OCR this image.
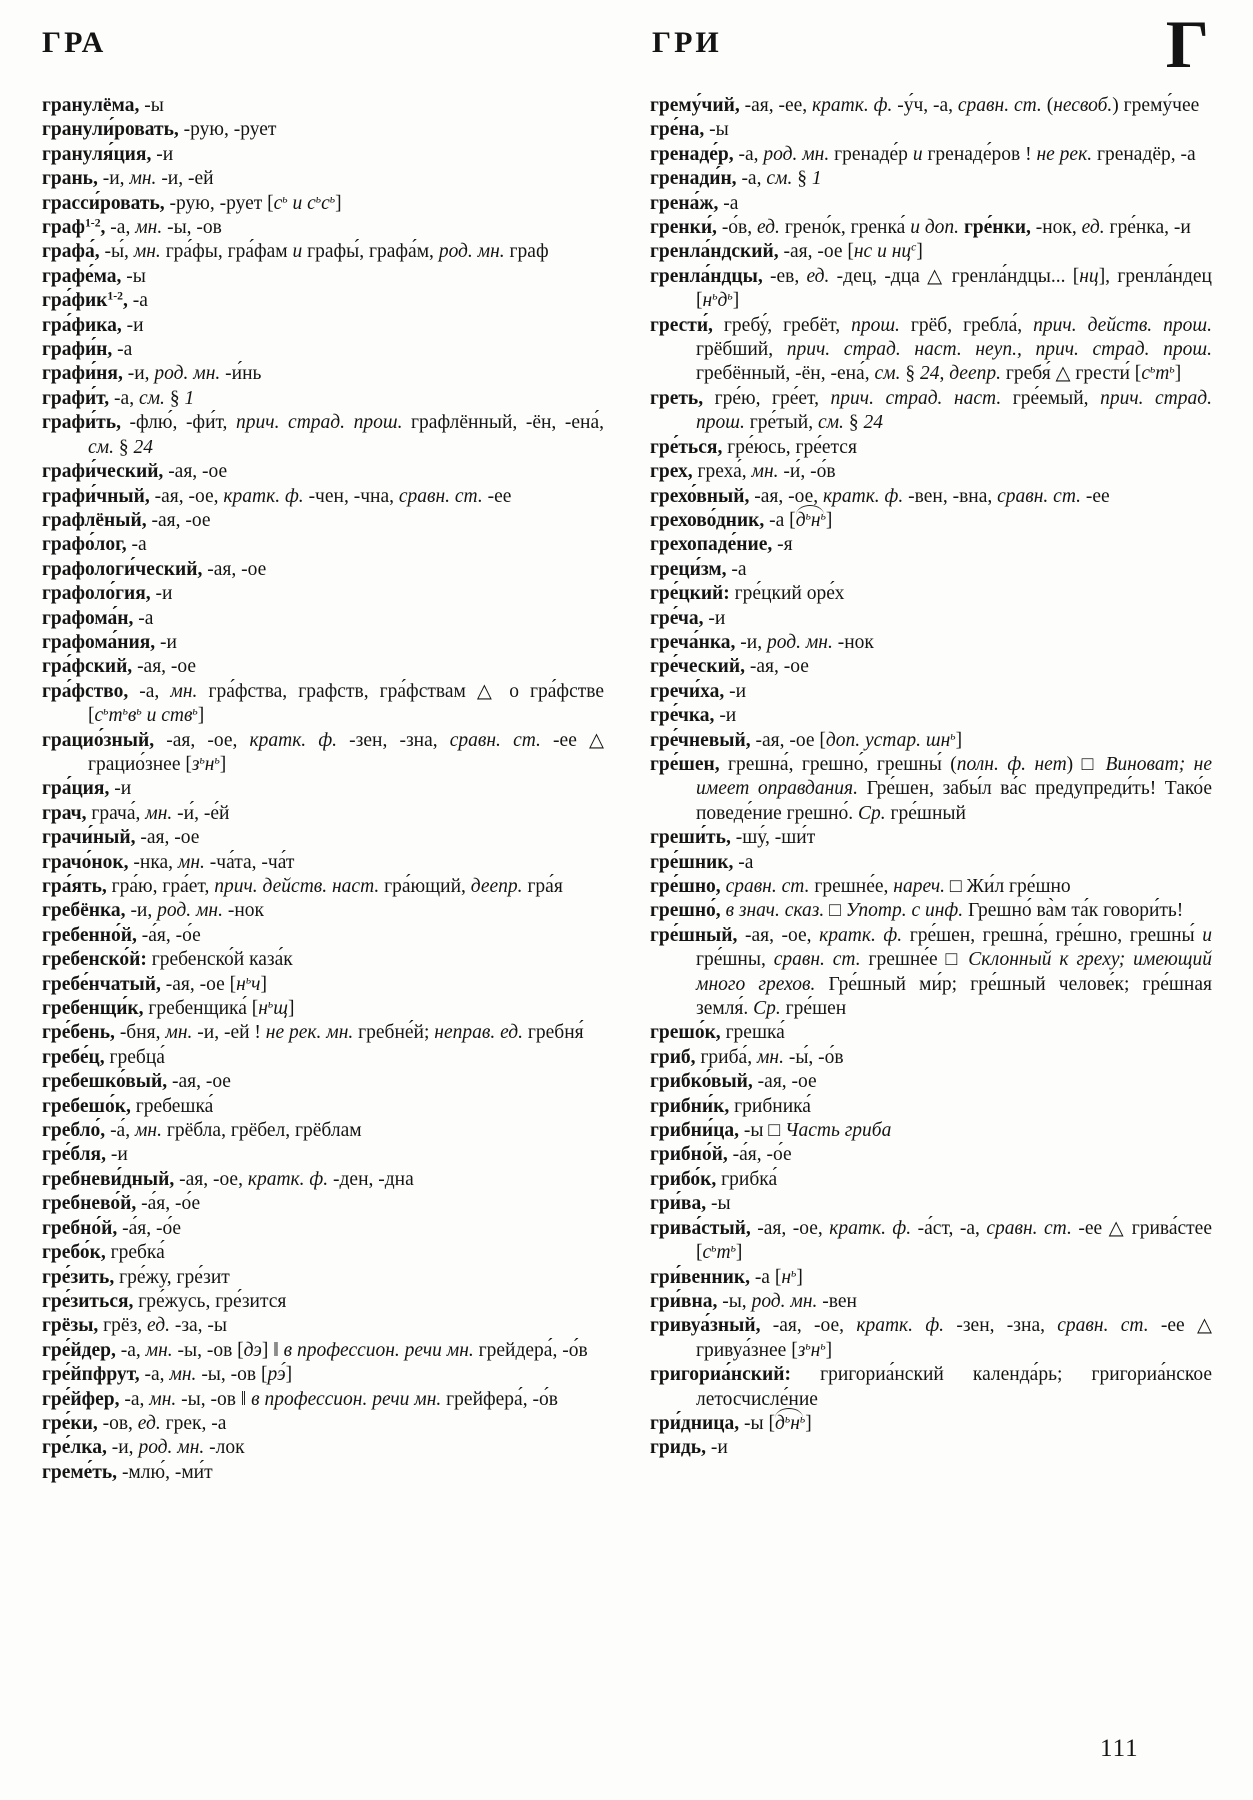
ГРА	ГРИ	Г

гранулёма, -ы

гранули́ровать, -рую, -рует

грануля́ция, -и

грань, -и, мн. -и, -ей

грасси́ровать, -рую, -рует [$с^ь$ и $с^ьс^ь$]

граф$^{1-2}$, -а, мн. -ы, -ов

графа́, -ы́, мн. гра́фы, гра́фам и графы́, графа́м, род. мн. граф

графе́ма, -ы

гра́фик$^{1-2}$, -а

гра́фика, -и

графи́н, -а

графи́ня, -и, род. мн. -и́нь

графи́т, -а, см. § 1

графи́ть, -флю́, -фи́т, прич. страд. прош. графлённый, -ён, -ена́, см. § 24

графи́ческий, -ая, -ое

графи́чный, -ая, -ое, кратк. ф. -чен, -чна, сравн. ст. -ее

графлёный, -ая, -ое

графо́лог, -а

графологи́ческий, -ая, -ое

графоло́гия, -и

графома́н, -а

графома́ния, -и

гра́фский, -ая, -ое

гра́фство, -а, мн. гра́фства, графств, гра́фствам △ о гра́фстве [$с^ьт^ьв^ь$ и ств$^ь$]

грацио́зный, -ая, -ое, кратк. ф. -зен, -зна, сравн. ст. -ее △ грацио́знее $[з^ьн^ь]$

гра́ция, -и

грач, грача́, мн. -и́, -е́й

грачи́ный, -ая, -ое

грачо́нок, -нка, мн. -ча́та, -ча́т

гра́ять, гра́ю, гра́ет, прич. действ. наст. гра́ющий, деепр. гра́я

гребёнка, -и, род. мн. -нок

гребенно́й, -а́я, -о́е

гребенско́й: гребенско́й каза́к

гребе́нчатый, -ая, -ое $[н^ьч]$

гребенщи́к, гребенщика́ $[н^ьщ]$

гре́бень, -бня, мн. -и, -ей ! не рек. мн. гребне́й; неправ. ед. гребня́

гребе́ц, гребца́

гребешко́вый, -ая, -ое

гребешо́к, гребешка́

гребло́, -а́, мн. грёбла, грёбел, грёблам

гре́бля, -и

гребневи́дный, -ая, -ое, кратк. ф. -ден, -дна

гребнево́й, -а́я, -о́е

гребно́й, -а́я, -о́е

гребо́к, гребка́

гре́зить, гре́жу, гре́зит

гре́зиться, гре́жусь, гре́зится

грёзы, грёз, ед. -за, -ы

гре́йдер, -а, мн. -ы, -ов [дэ] ‖ в профессион. речи мн. грейдера́, -о́в

гре́йпфрут, -а, мн. -ы, -ов [рэ́]

гре́йфер, -а, мн. -ы, -ов ‖ в профессион. речи мн. грейфера́, -о́в

гре́ки, -ов, ед. грек, -а

гре́лка, -и, род. мн. -лок

греме́ть, -млю́, -ми́т

грему́чий, -ая, -ее, кратк. ф. -у́ч, -а, сравн. ст. (несвоб.) грему́чее

гре́на, -ы

гренаде́р, -а, род. мн. гренаде́р и гренаде́ров ! не рек. гренадёр, -а

гренади́н, -а, см. § 1

грена́ж, -а

гренки́, -о́в, ед. грено́к, гренка́ и доп. гре́нки, -нок, ед. гре́нка, -и

гренла́ндский, -ая, -ое [нс и $нц^с$]

гренла́ндцы, -ев, ед. -дец, -дца △ гренла́ндцы... [нц], гренла́ндец $[н^ьд^ь]$

грести́, гребу́, гребёт, прош. грёб, гребла́, прич. действ. прош. грёбший, прич. страд. наст. неуп., прич. страд. прош. гребённый, -ён, -ена́, см. § 24, деепр. гребя́ △ грести́ $[с^ьт^ь]$

греть, гре́ю, гре́ет, прич. страд. наст. гре́емый, прич. страд. прош. гре́тый, см. § 24

гре́ться, гре́юсь, гре́ется

грех, греха́, мн. -и́, -о́в

грехо́вный, -ая, -ое, кратк. ф. -вен, -вна, сравн. ст. -ее

грехово́дник, -а $[д^ьн^ь]$

грехопаде́ние, -я

греци́зм, -а

гре́цкий: гре́цкий оре́х

гре́ча, -и

греча́нка, -и, род. мн. -нок

гре́ческий, -ая, -ое

гречи́ха, -и

гре́чка, -и

гре́чневый, -ая, -ое [доп. устар. $шн^ь$]

гре́шен, грешна́, грешно́, грешны́ (полн. ф. нет) □ Виноват; не имеет оправдания. Гре́шен, забы́л ва́с предупреди́ть! Тако́е поведе́ние грешно́. Ср. гре́шный

греши́ть, -шу́, -ши́т

гре́шник, -а

гре́шно, сравн. ст. грешне́е, нареч. □ Жи́л гре́шно

грешно́, в знач. сказ. □ Употр. с инф. Грешно́ ва̀м та́к говори́ть!

гре́шный, -ая, -ое, кратк. ф. гре́шен, грешна́, гре́шно, грешны́ и гре́шны, сравн. ст. грешне́е □ Склонный к греху; имеющий много грехов. Гре́шный ми́р; гре́шный челове́к; гре́шная земля́. Ср. гре́шен

грешо́к, грешка́

гриб, гриба́, мн. -ы́, -о́в

грибко́вый, -ая, -ое

грибни́к, грибника́

грибни́ца, -ы □ Часть гриба

грибно́й, -а́я, -о́е

грибо́к, грибка́

гри́ва, -ы

грива́стый, -ая, -ое, кратк. ф. -а́ст, -а, сравн. ст. -ее △ грива́стее $[с^ьт^ь]$

гри́венник, -а $[н^ь]$

гри́вна, -ы, род. мн. -вен

гривуа́зный, -ая, -ое, кратк. ф. -зен, -зна, сравн. ст. -ее △ гривуа́знее $[з^ьн^ь]$

григориа́нский: григориа́нский календа́рь; григориа́нское летосчисле́ние

гри́дница, -ы $[д^ьн^ь]$

гридь, -и

111
